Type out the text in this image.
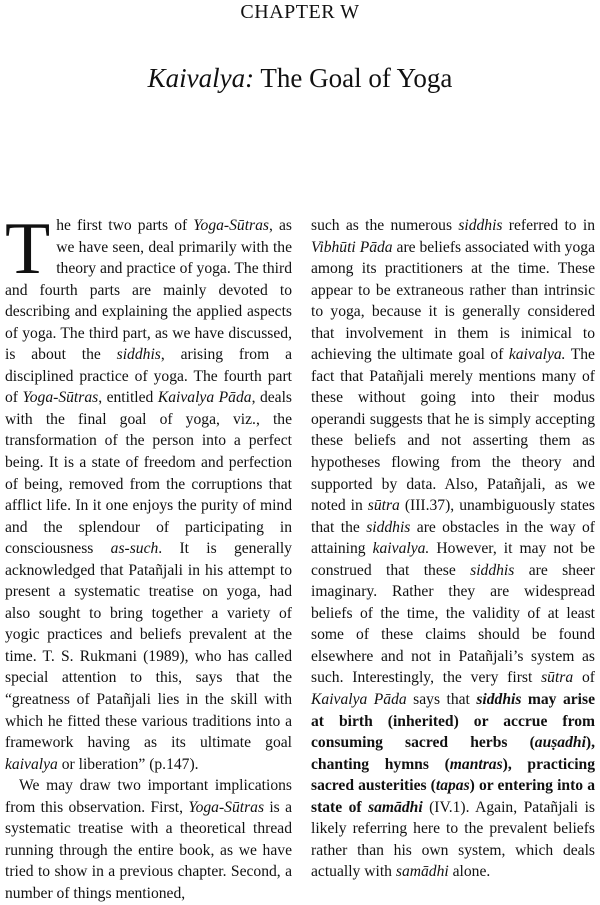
CHAPTER W
Kaivalya: The Goal of Yoga

The first two parts of Yoga-Sūtras, as we have seen, deal primarily with the theory and practice of yoga. The third and fourth parts are mainly devoted to describing and explaining the applied aspects of yoga. The third part, as we have discussed, is about the siddhis, arising from a disciplined practice of yoga. The fourth part of Yoga-Sūtras, entitled Kaivalya Pāda, deals with the final goal of yoga, viz., the transformation of the person into a perfect being. It is a state of freedom and perfection of being, removed from the corruptions that afflict life. In it one enjoys the purity of mind and the splendour of participating in consciousness as-such. It is generally acknowledged that Patañjali in his attempt to present a systematic treatise on yoga, had also sought to bring together a variety of yogic practices and beliefs prevalent at the time. T. S. Rukmani (1989), who has called special attention to this, says that the “greatness of Patañjali lies in the skill with which he fitted these various traditions into a framework having as its ultimate goal kaivalya or liberation” (p.147).

We may draw two important implications from this observation. First, Yoga-Sūtras is a systematic treatise with a theoretical thread running through the entire book, as we have tried to show in a previous chapter. Second, a number of things mentioned,

such as the numerous siddhis referred to in Vibhūti Pāda are beliefs associated with yoga among its practitioners at the time. These appear to be extraneous rather than intrinsic to yoga, because it is generally considered that involvement in them is inimical to achieving the ultimate goal of kaivalya. The fact that Patañjali merely mentions many of these without going into their modus operandi suggests that he is simply accepting these beliefs and not asserting them as hypotheses flowing from the theory and supported by data. Also, Patañjali, as we noted in sūtra (III.37), unambiguously states that the siddhis are obstacles in the way of attaining kaivalya. However, it may not be construed that these siddhis are sheer imaginary. Rather they are widespread beliefs of the time, the validity of at least some of these claims should be found elsewhere and not in Patañjali’s system as such. Interestingly, the very first sūtra of Kaivalya Pāda says that siddhis may arise at birth (inherited) or accrue from consuming sacred herbs (auṣadhi), chanting hymns (mantras), practicing sacred austerities (tapas) or entering into a state of samādhi (IV.1). Again, Patañjali is likely referring here to the prevalent beliefs rather than his own system, which deals actually with samādhi alone.
